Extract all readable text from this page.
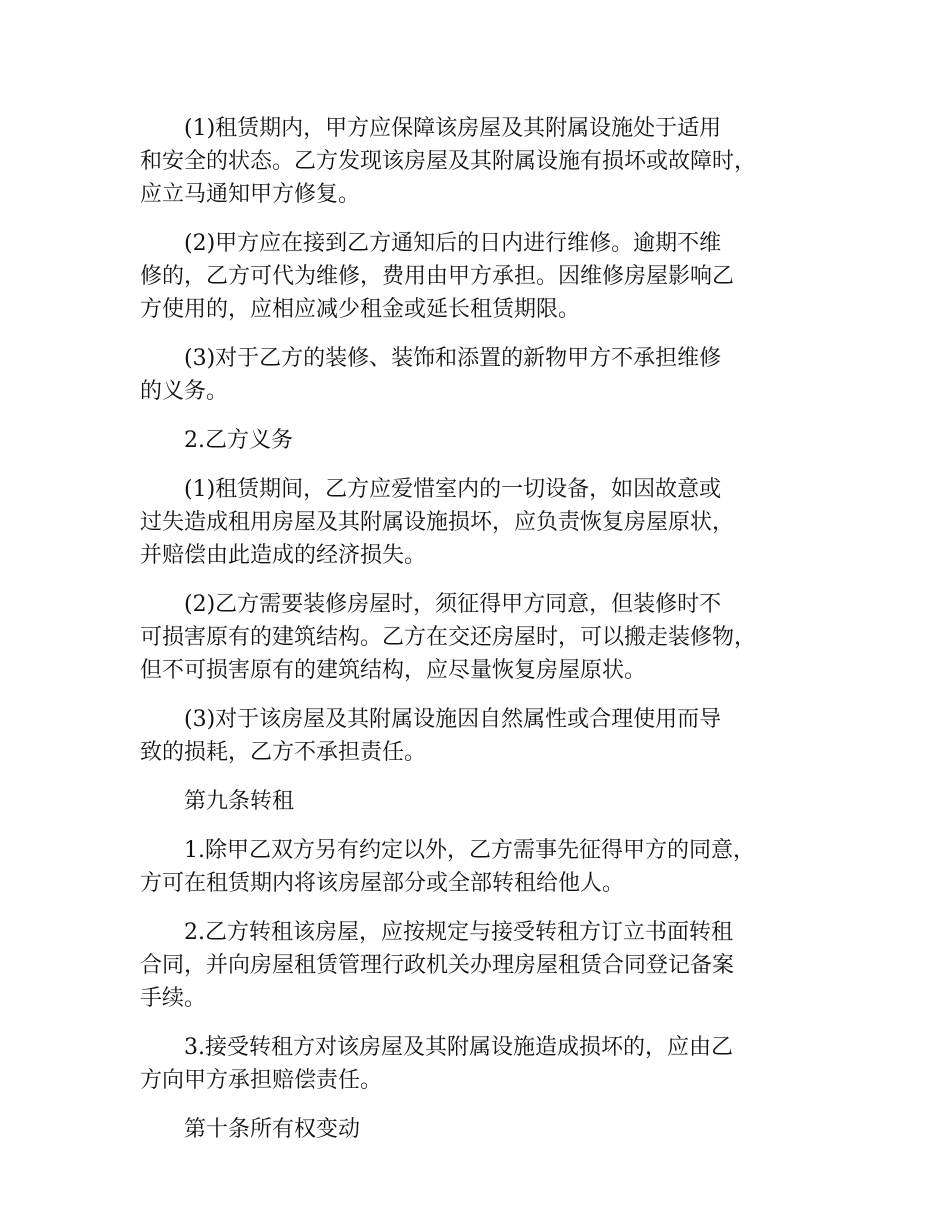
(1)租赁期内，甲方应保障该房屋及其附属设施处于适用
和安全的状态。乙方发现该房屋及其附属设施有损坏或故障时，
应立马通知甲方修复。

(2)甲方应在接到乙方通知后的日内进行维修。逾期不维
修的，乙方可代为维修，费用由甲方承担。因维修房屋影响乙
方使用的，应相应减少租金或延长租赁期限。

(3)对于乙方的装修、装饰和添置的新物甲方不承担维修
的义务。

2.乙方义务

(1)租赁期间，乙方应爱惜室内的一切设备，如因故意或
过失造成租用房屋及其附属设施损坏，应负责恢复房屋原状，
并赔偿由此造成的经济损失。

(2)乙方需要装修房屋时，须征得甲方同意，但装修时不
可损害原有的建筑结构。乙方在交还房屋时，可以搬走装修物，
但不可损害原有的建筑结构，应尽量恢复房屋原状。

(3)对于该房屋及其附属设施因自然属性或合理使用而导
致的损耗，乙方不承担责任。

第九条转租

1.除甲乙双方另有约定以外，乙方需事先征得甲方的同意，
方可在租赁期内将该房屋部分或全部转租给他人。

2.乙方转租该房屋，应按规定与接受转租方订立书面转租
合同，并向房屋租赁管理行政机关办理房屋租赁合同登记备案
手续。

3.接受转租方对该房屋及其附属设施造成损坏的，应由乙
方向甲方承担赔偿责任。

第十条所有权变动
